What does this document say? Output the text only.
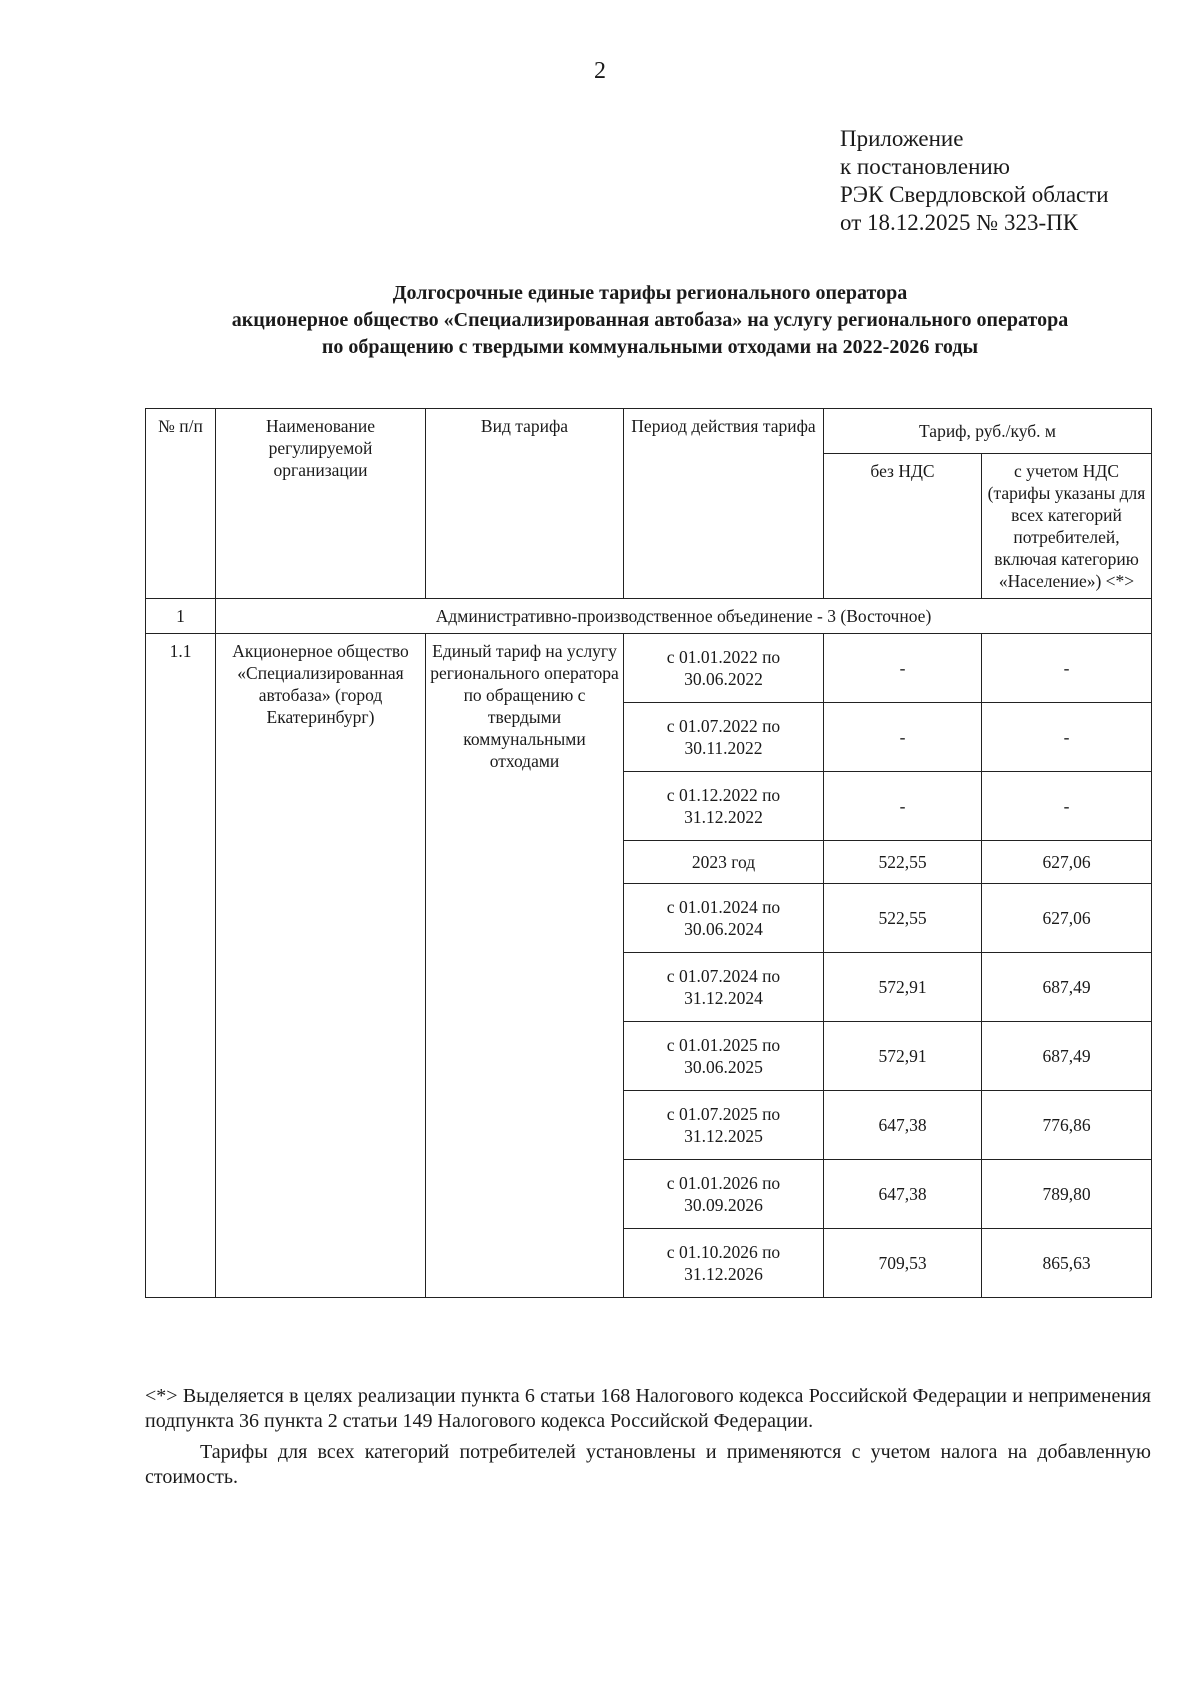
2
Приложение
к постановлению
РЭК Свердловской области
от 18.12.2025 № 323-ПК
Долгосрочные единые тарифы регионального оператора
акционерное общество «Специализированная автобаза» на услугу регионального оператора
по обращению с твердыми коммунальными отходами на 2022-2026 годы
№ п/п	Наименование регулируемой организации	Вид тарифа	Период действия тарифа	Тариф, руб./куб. м	
				без НДС	с учетом НДС (тарифы указаны для всех категорий потребителей, включая категорию «Население») <*>
1	Административно-производственное объединение - 3 (Восточное)				
1.1	Акционерное общество «Специализированная автобаза» (город Екатеринбург)	Единый тариф на услугу регионального оператора по обращению с твердыми коммунальными отходами	с 01.01.2022 по 30.06.2022	-	-
			с 01.07.2022 по 30.11.2022	-	-
			с 01.12.2022 по 31.12.2022	-	-
			2023 год	522,55	627,06
			с 01.01.2024 по 30.06.2024	522,55	627,06
			с 01.07.2024 по 31.12.2024	572,91	687,49
			с 01.01.2025 по 30.06.2025	572,91	687,49
			с 01.07.2025 по 31.12.2025	647,38	776,86
			с 01.01.2026 по 30.09.2026	647,38	789,80
			с 01.10.2026 по 31.12.2026	709,53	865,63

<*> Выделяется в целях реализации пункта 6 статьи 168 Налогового кодекса Российской Федерации и неприменения подпункта 36 пункта 2 статьи 149 Налогового кодекса Российской Федерации.

Тарифы для всех категорий потребителей установлены и применяются с учетом налога на добавленную стоимость.
